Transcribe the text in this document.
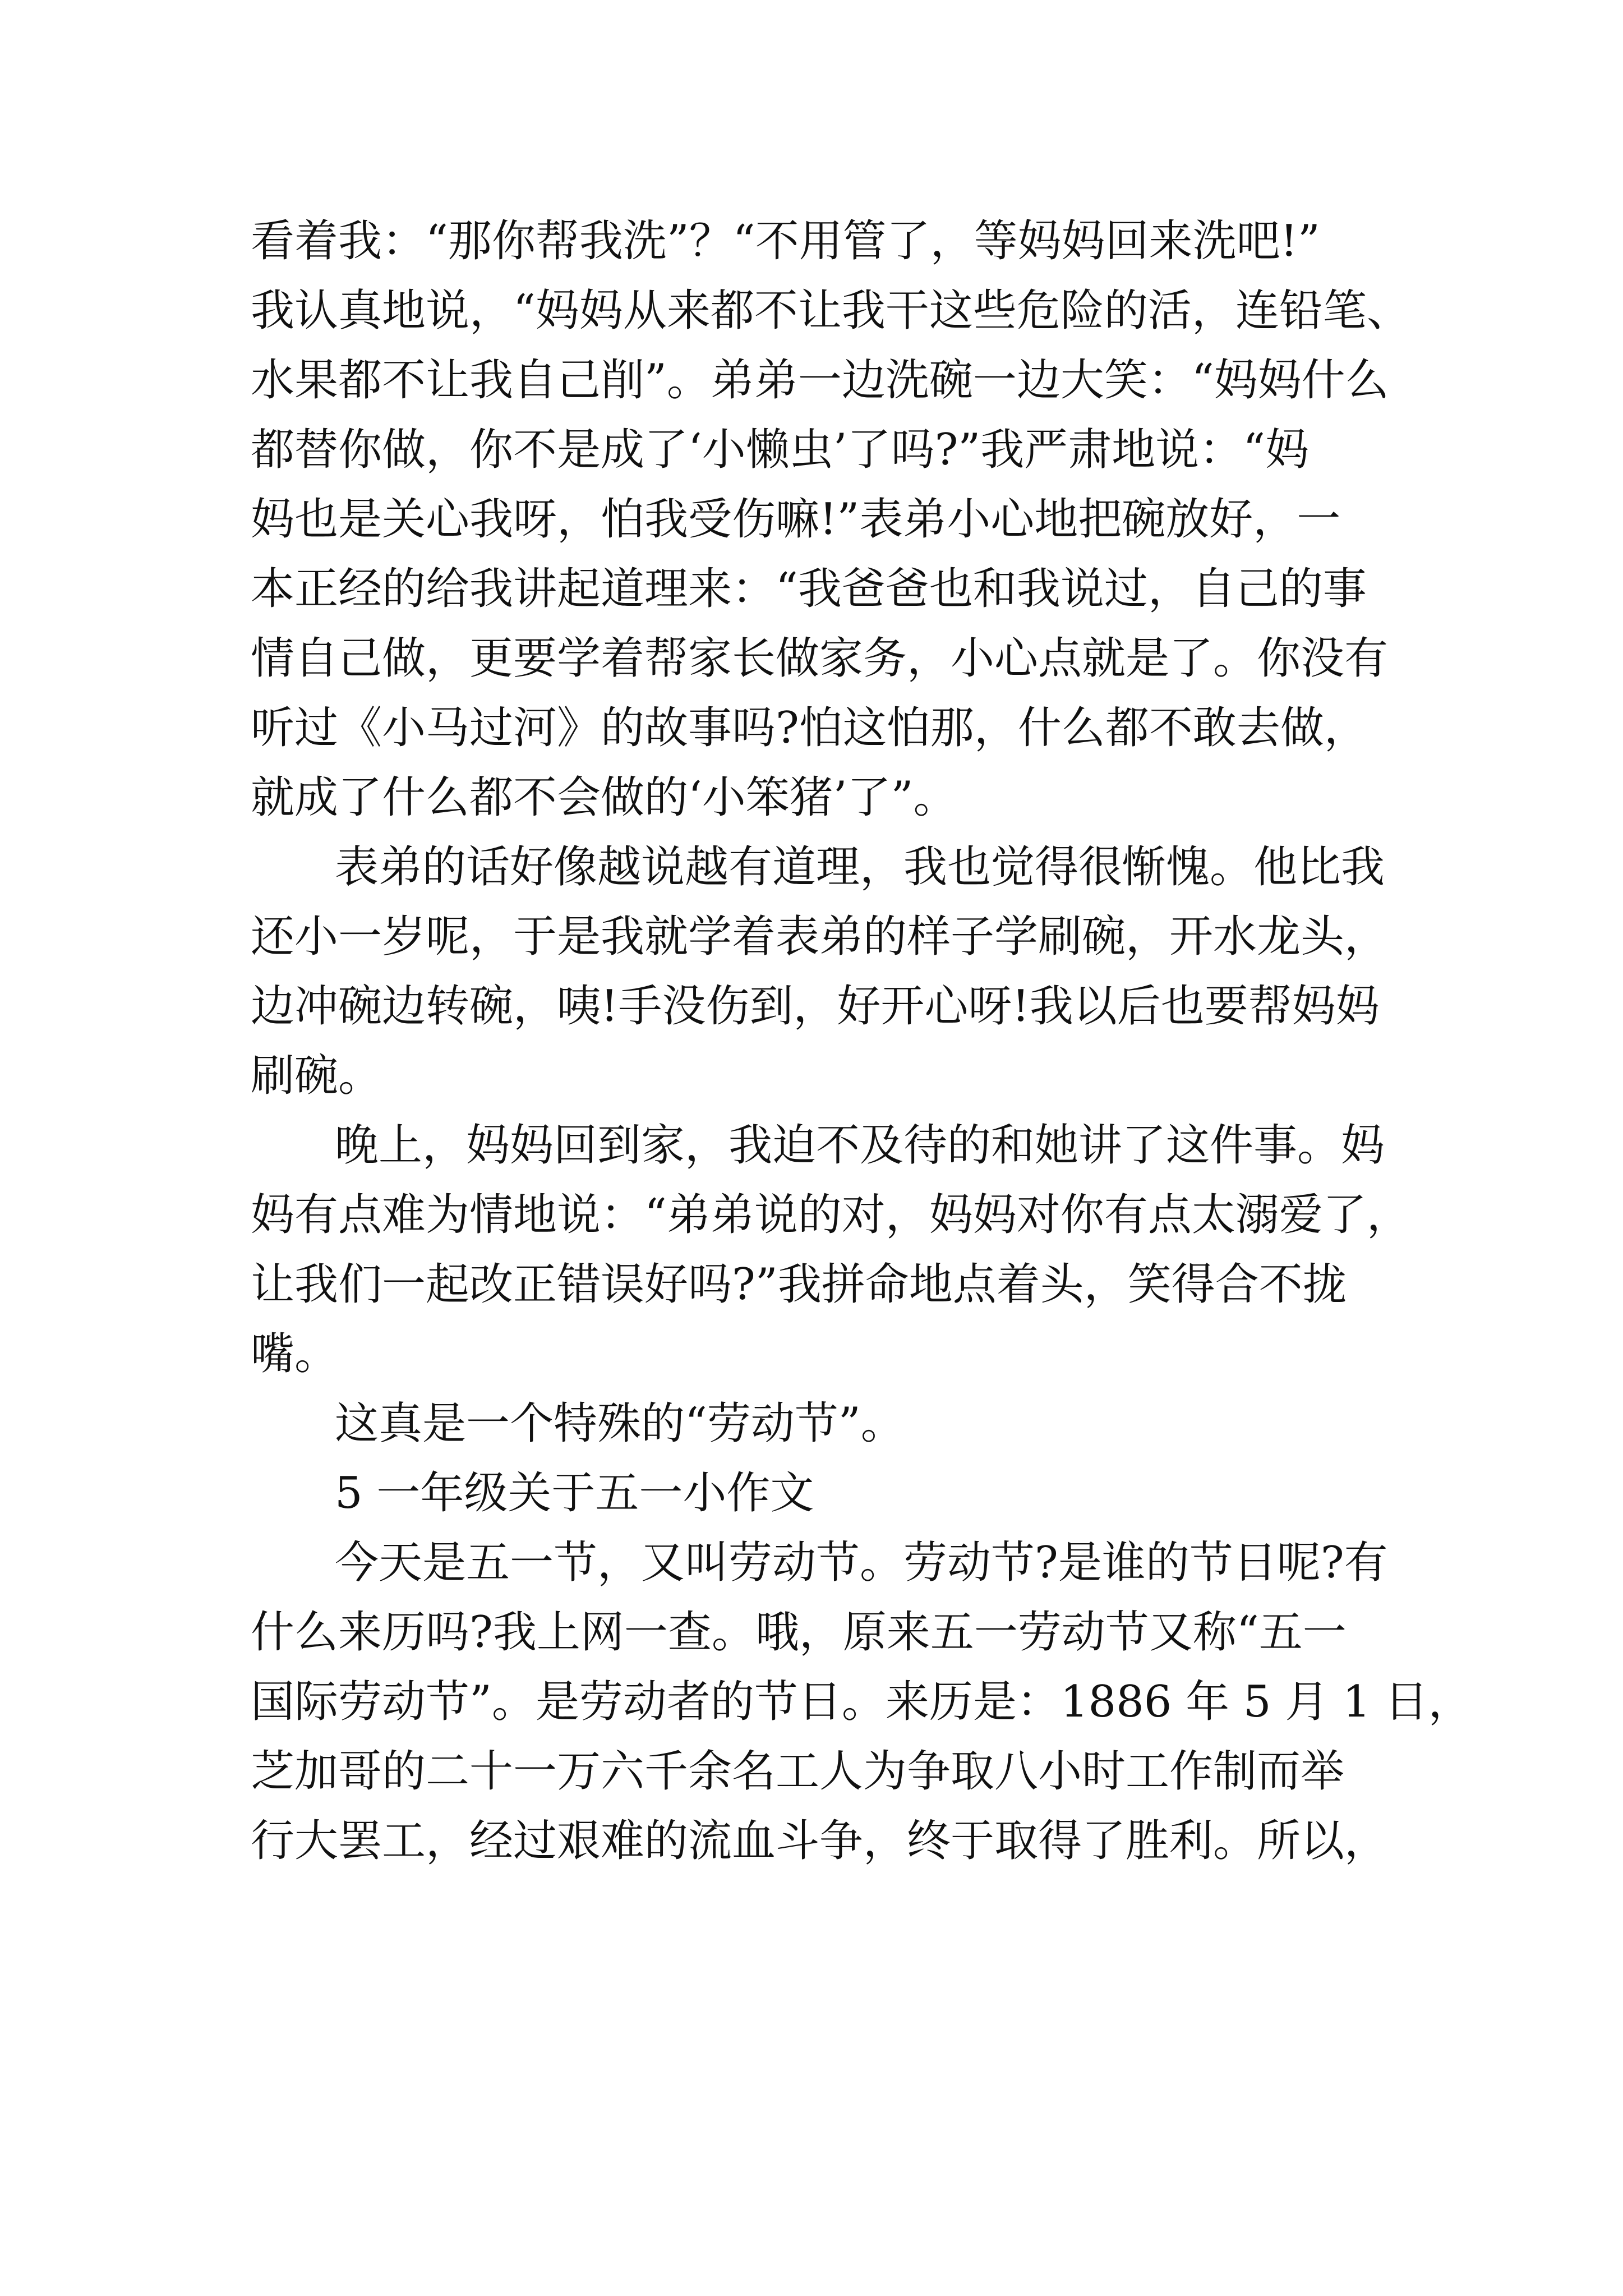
看着我：“那你帮我洗”？“不用管了，等妈妈回来洗吧!”
我认真地说，“妈妈从来都不让我干这些危险的活，连铅笔、
水果都不让我自己削”。弟弟一边洗碗一边大笑：“妈妈什么
都替你做，你不是成了‘小懒虫’了吗?”我严肃地说：“妈
妈也是关心我呀，怕我受伤嘛!”表弟小心地把碗放好，一
本正经的给我讲起道理来：“我爸爸也和我说过，自己的事
情自己做，更要学着帮家长做家务，小心点就是了。你没有
听过《小马过河》的故事吗?怕这怕那，什么都不敢去做，
就成了什么都不会做的‘小笨猪’了”。
表弟的话好像越说越有道理，我也觉得很惭愧。他比我
还小一岁呢，于是我就学着表弟的样子学刷碗，开水龙头，
边冲碗边转碗，咦!手没伤到，好开心呀!我以后也要帮妈妈
刷碗。
晚上，妈妈回到家，我迫不及待的和她讲了这件事。妈
妈有点难为情地说：“弟弟说的对，妈妈对你有点太溺爱了，
让我们一起改正错误好吗?”我拼命地点着头，笑得合不拢
嘴。
这真是一个特殊的“劳动节”。
5 一年级关于五一小作文
今天是五一节，又叫劳动节。劳动节?是谁的节日呢?有
什么来历吗?我上网一查。哦，原来五一劳动节又称“五一
国际劳动节”。是劳动者的节日。来历是：1886 年 5 月 1 日，
芝加哥的二十一万六千余名工人为争取八小时工作制而举
行大罢工，经过艰难的流血斗争，终于取得了胜利。所以，
